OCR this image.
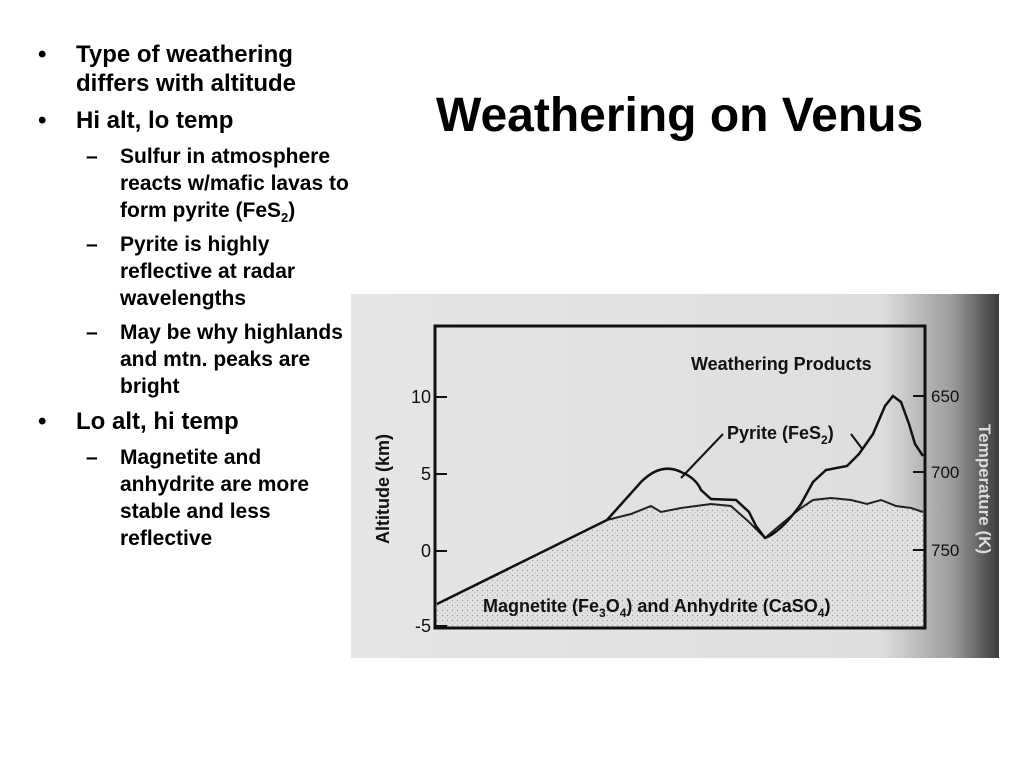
Weathering on Venus
• Type of weathering differs with altitude
• Hi alt, lo temp
– Sulfur in atmosphere reacts w/mafic lavas to form pyrite (FeS$_2$)
– Pyrite is highly reflective at radar wavelengths
– May be why highlands and mtn. peaks are bright
• Lo alt, hi temp
– Magnetite and anhydrite are more stable and less reflective
Pyrite (FeS$_2$)
Weathering Products
10
5
0
-5
Altitude (km)
650
700
750 Temperature (K)
Magnetite $(Fe_3O_4)$ and Anhydrite (CaSO$_4$)
